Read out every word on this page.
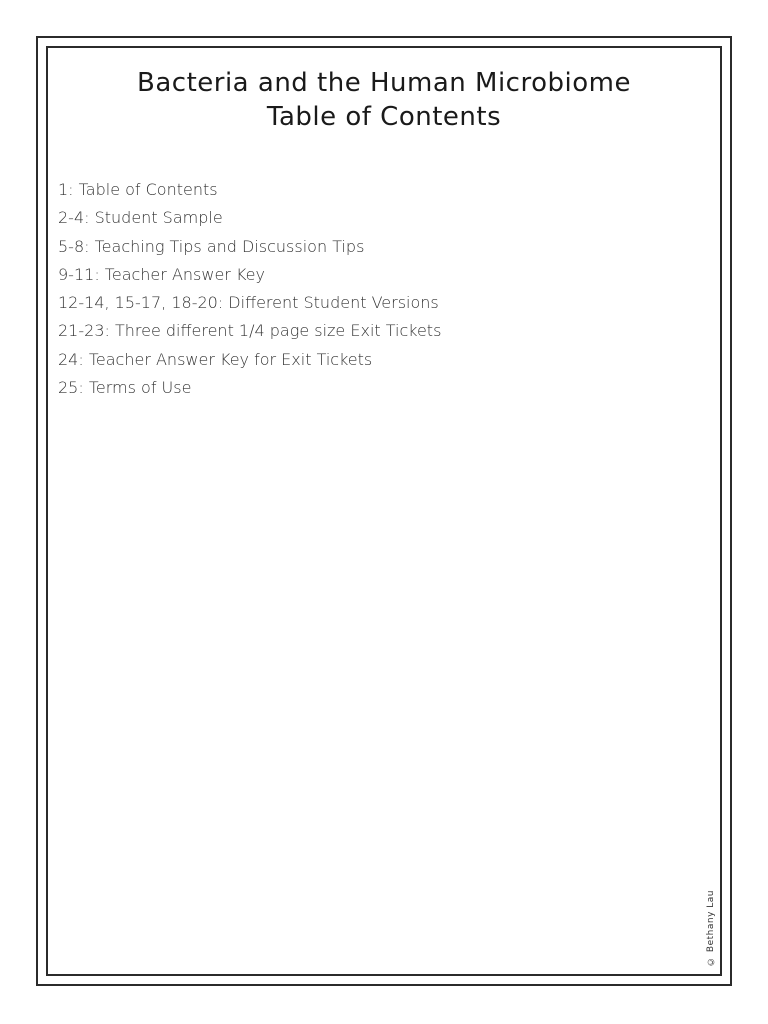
Bacteria and the Human Microbiome
Table of Contents
1: Table of Contents
2-4: Student Sample
5-8: Teaching Tips and Discussion Tips
9-11: Teacher Answer Key
12-14, 15-17, 18-20: Different Student Versions
21-23: Three different 1/4 page size Exit Tickets
24: Teacher Answer Key for Exit Tickets
25: Terms of Use
© Bethany Lau
